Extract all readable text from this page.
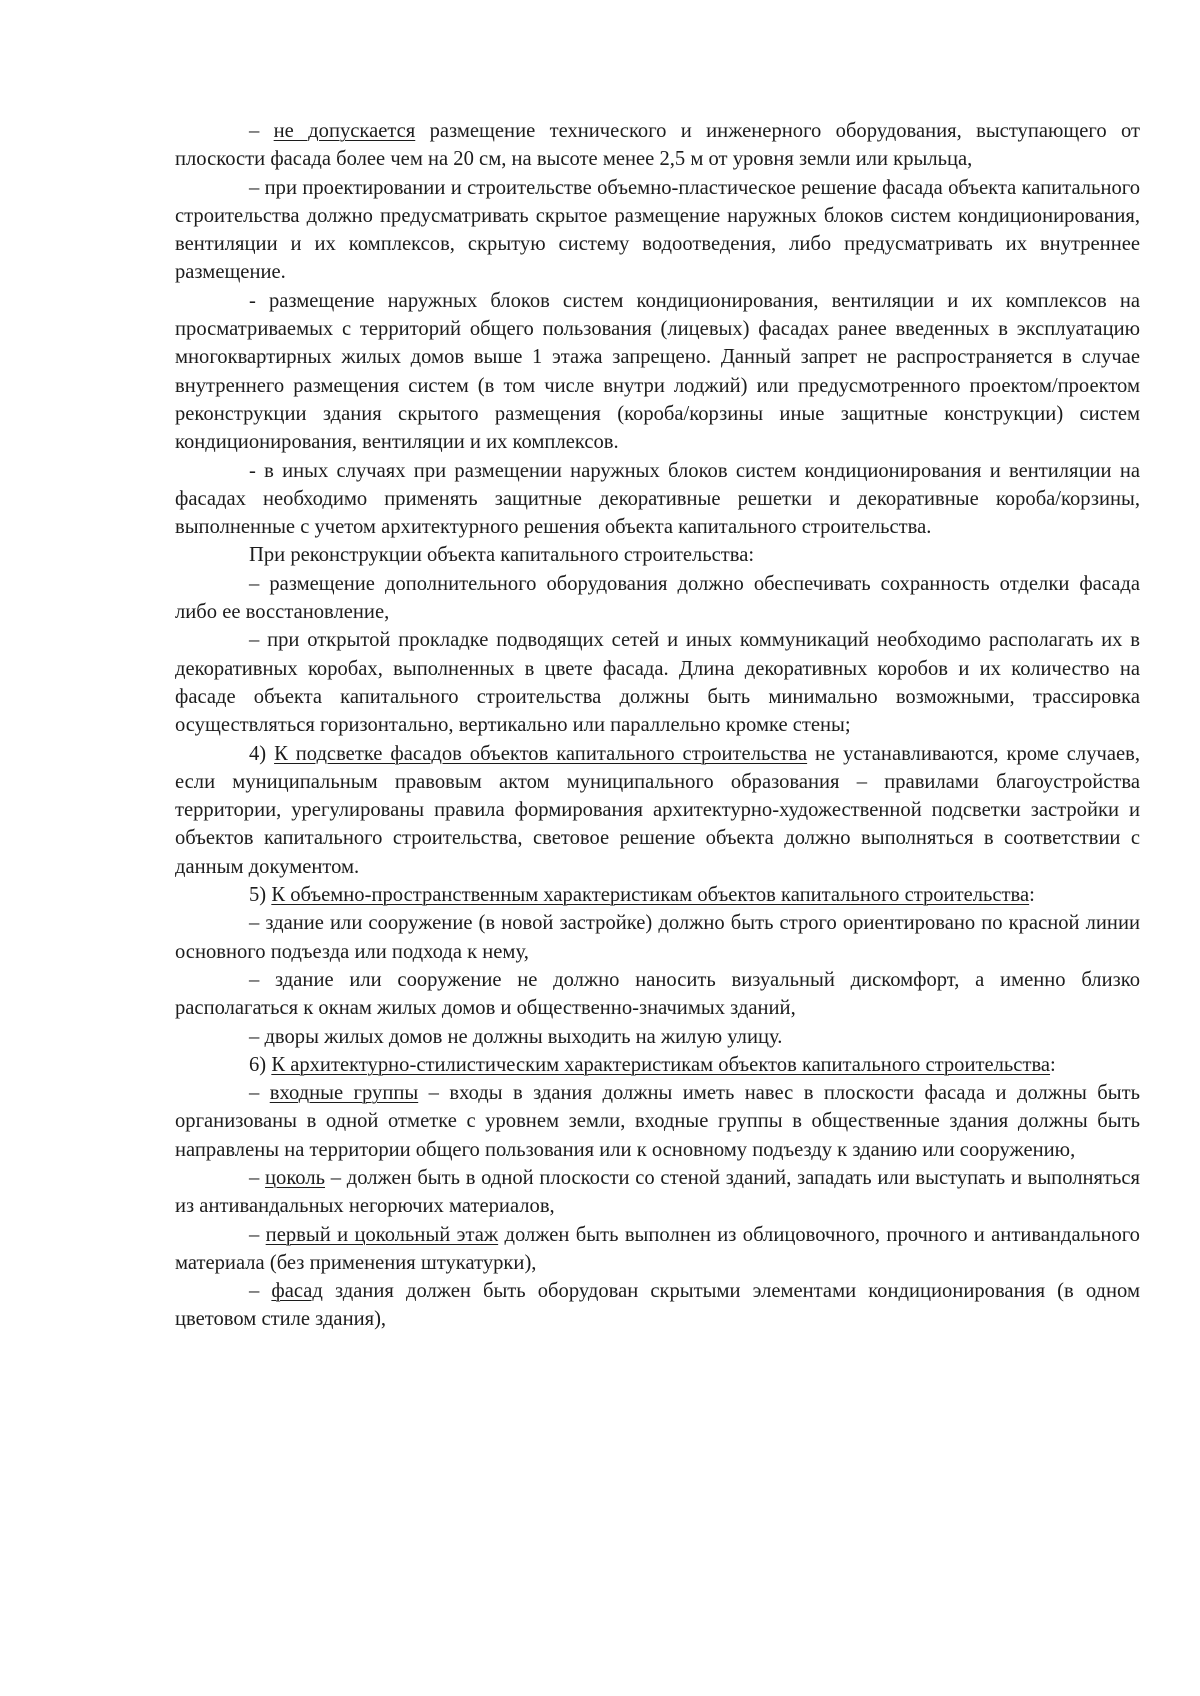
– не допускается размещение технического и инженерного оборудования, выступающего от плоскости фасада более чем на 20 см, на высоте менее 2,5 м от уровня земли или крыльца,

– при проектировании и строительстве объемно-пластическое решение фасада объекта капитального строительства должно предусматривать скрытое размещение наружных блоков систем кондиционирования, вентиляции и их комплексов, скрытую систему водоотведения, либо предусматривать их внутреннее размещение.

- размещение наружных блоков систем кондиционирования, вентиляции и их комплексов на просматриваемых с территорий общего пользования (лицевых) фасадах ранее введенных в эксплуатацию многоквартирных жилых домов выше 1 этажа запрещено. Данный запрет не распространяется в случае внутреннего размещения систем (в том числе внутри лоджий) или предусмотренного проектом/проектом реконструкции здания скрытого размещения (короба/корзины иные защитные конструкции) систем кондиционирования, вентиляции и их комплексов.

- в иных случаях при размещении наружных блоков систем кондиционирования и вентиляции на фасадах необходимо применять защитные декоративные решетки и декоративные короба/корзины, выполненные с учетом архитектурного решения объекта капитального строительства.

При реконструкции объекта капитального строительства:

– размещение дополнительного оборудования должно обеспечивать сохранность отделки фасада либо ее восстановление,

– при открытой прокладке подводящих сетей и иных коммуникаций необходимо располагать их в декоративных коробах, выполненных в цвете фасада. Длина декоративных коробов и их количество на фасаде объекта капитального строительства должны быть минимально возможными, трассировка осуществляться горизонтально, вертикально или параллельно кромке стены;

4) К подсветке фасадов объектов капитального строительства не устанавливаются, кроме случаев, если муниципальным правовым актом муниципального образования – правилами благоустройства территории, урегулированы правила формирования архитектурно-художественной подсветки застройки и объектов капитального строительства, световое решение объекта должно выполняться в соответствии с данным документом.

5) К объемно-пространственным характеристикам объектов капитального строительства:

– здание или сооружение (в новой застройке) должно быть строго ориентировано по красной линии основного подъезда или подхода к нему,

– здание или сооружение не должно наносить визуальный дискомфорт, а именно близко располагаться к окнам жилых домов и общественно-значимых зданий,

– дворы жилых домов не должны выходить на жилую улицу.

6) К архитектурно-стилистическим характеристикам объектов капитального строительства:

– входные группы – входы в здания должны иметь навес в плоскости фасада и должны быть организованы в одной отметке с уровнем земли, входные группы в общественные здания должны быть направлены на территории общего пользования или к основному подъезду к зданию или сооружению,

– цоколь – должен быть в одной плоскости со стеной зданий, западать или выступать и выполняться из антивандальных негорючих материалов,

– первый и цокольный этаж должен быть выполнен из облицовочного, прочного и антивандального материала (без применения штукатурки),

– фасад здания должен быть оборудован скрытыми элементами кондиционирования (в одном цветовом стиле здания),
